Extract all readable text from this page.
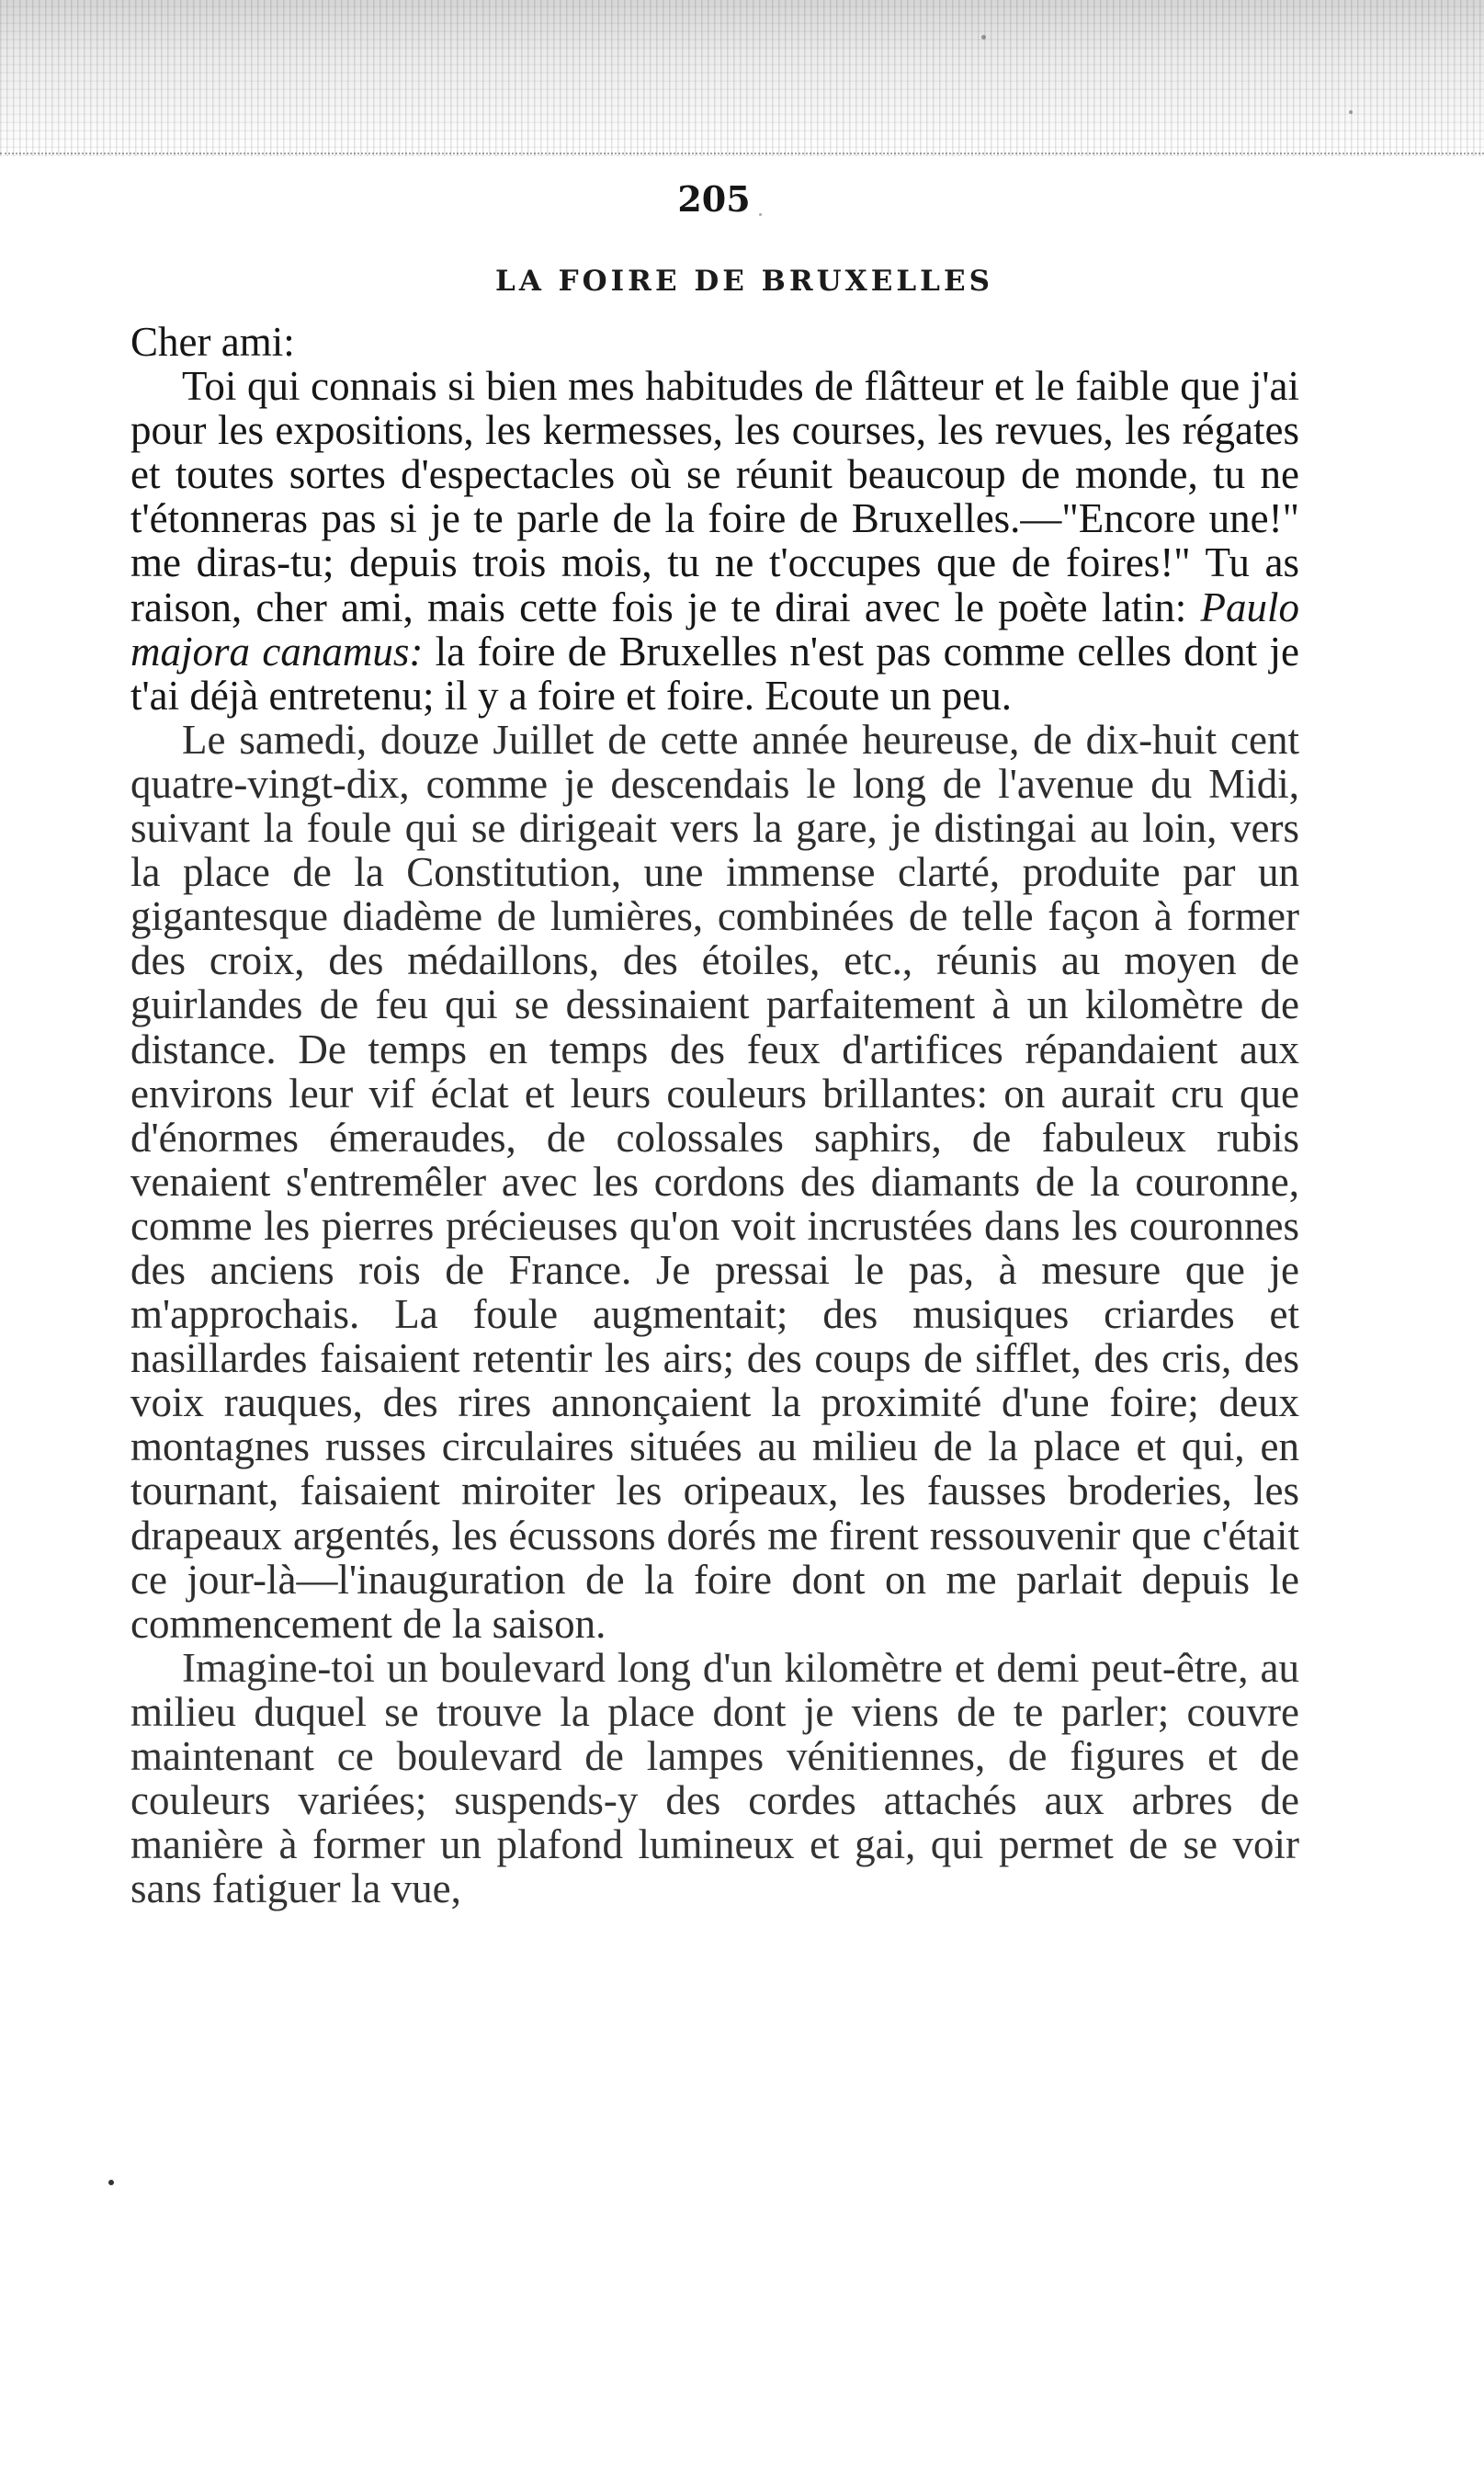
205
LA FOIRE DE BRUXELLES

Cher ami:

Toi qui connais si bien mes habitudes de flâtteur et le faible que j'ai pour les expositions, les kermesses, les courses, les revues, les régates et toutes sortes d'espectacles où se réunit beaucoup de monde, tu ne t'étonneras pas si je te parle de la foire de Bruxelles.—"Encore une!" me diras-tu; depuis trois mois, tu ne t'occupes que de foires!" Tu as raison, cher ami, mais cette fois je te dirai avec le poète latin: Paulo majora canamus: la foire de Bruxelles n'est pas comme celles dont je t'ai déjà entretenu; il y a foire et foire. Ecoute un peu.

Le samedi, douze Juillet de cette année heureuse, de dix-huit cent quatre-vingt-dix, comme je descendais le long de l'avenue du Midi, suivant la foule qui se dirigeait vers la gare, je distingai au loin, vers la place de la Constitution, une immense clarté, produite par un gigantesque diadème de lumières, combinées de telle façon à former des croix, des médaillons, des étoiles, etc., réunis au moyen de guirlandes de feu qui se dessinaient parfaitement à un kilomètre de distance. De temps en temps des feux d'artifices répandaient aux environs leur vif éclat et leurs couleurs brillantes: on aurait cru que d'énormes émeraudes, de colossales saphirs, de fabuleux rubis venaient s'entremêler avec les cordons des diamants de la couronne, comme les pierres précieuses qu'on voit incrustées dans les couronnes des anciens rois de France. Je pressai le pas, à mesure que je m'approchais. La foule augmentait; des musiques criardes et nasillardes faisaient retentir les airs; des coups de sifflet, des cris, des voix rauques, des rires annonçaient la proximité d'une foire; deux montagnes russes circulaires situées au milieu de la place et qui, en tournant, faisaient miroiter les oripeaux, les fausses broderies, les drapeaux argentés, les écussons dorés me firent ressouvenir que c'était ce jour-là—l'inauguration de la foire dont on me parlait depuis le commencement de la saison.

Imagine-toi un boulevard long d'un kilomètre et demi peut-être, au milieu duquel se trouve la place dont je viens de te parler; couvre maintenant ce boulevard de lampes vénitiennes, de figures et de couleurs variées; suspends-y des cordes attachés aux arbres de manière à former un plafond lumineux et gai, qui permet de se voir sans fatiguer la vue,
